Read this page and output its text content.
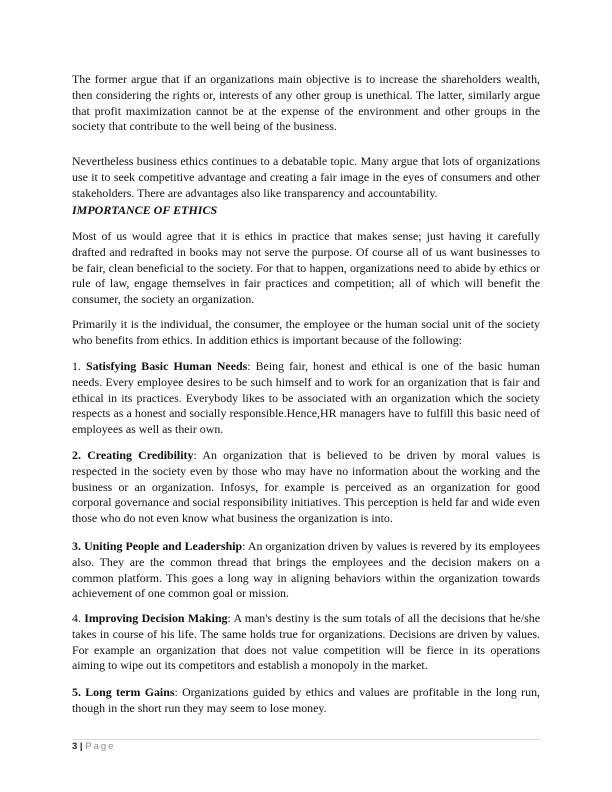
The former argue that if an organizations main objective is to increase the shareholders wealth, then considering the rights or, interests of any other group is unethical. The latter, similarly argue that profit maximization cannot be at the expense of the environment and other groups in the society that contribute to the well being of the business.

Nevertheless business ethics continues to a debatable topic. Many argue that lots of organizations use it to seek competitive advantage and creating a fair image in the eyes of consumers and other stakeholders. There are advantages also like transparency and accountability.

IMPORTANCE OF ETHICS

Most of us would agree that it is ethics in practice that makes sense; just having it carefully drafted and redrafted in books may not serve the purpose. Of course all of us want businesses to be fair, clean beneficial to the society. For that to happen, organizations need to abide by ethics or rule of law, engage themselves in fair practices and competition; all of which will benefit the consumer, the society an organization.

Primarily it is the individual, the consumer, the employee or the human social unit of the society who benefits from ethics. In addition ethics is important because of the following:

1. Satisfying Basic Human Needs: Being fair, honest and ethical is one of the basic human needs. Every employee desires to be such himself and to work for an organization that is fair and ethical in its practices. Everybody likes to be associated with an organization which the society respects as a honest and socially responsible.Hence,HR managers have to fulfill this basic need of employees as well as their own.

2. Creating Credibility: An organization that is believed to be driven by moral values is respected in the society even by those who may have no information about the working and the business or an organization. Infosys, for example is perceived as an organization for good corporal governance and social responsibility initiatives. This perception is held far and wide even those who do not even know what business the organization is into.

3. Uniting People and Leadership: An organization driven by values is revered by its employees also. They are the common thread that brings the employees and the decision makers on a common platform. This goes a long way in aligning behaviors within the organization towards achievement of one common goal or mission.

4. Improving Decision Making: A man's destiny is the sum totals of all the decisions that he/she takes in course of his life. The same holds true for organizations. Decisions are driven by values. For example an organization that does not value competition will be fierce in its operations aiming to wipe out its competitors and establish a monopoly in the market.

5. Long term Gains: Organizations guided by ethics and values are profitable in the long run, though in the short run they may seem to lose money.

3 | Page
